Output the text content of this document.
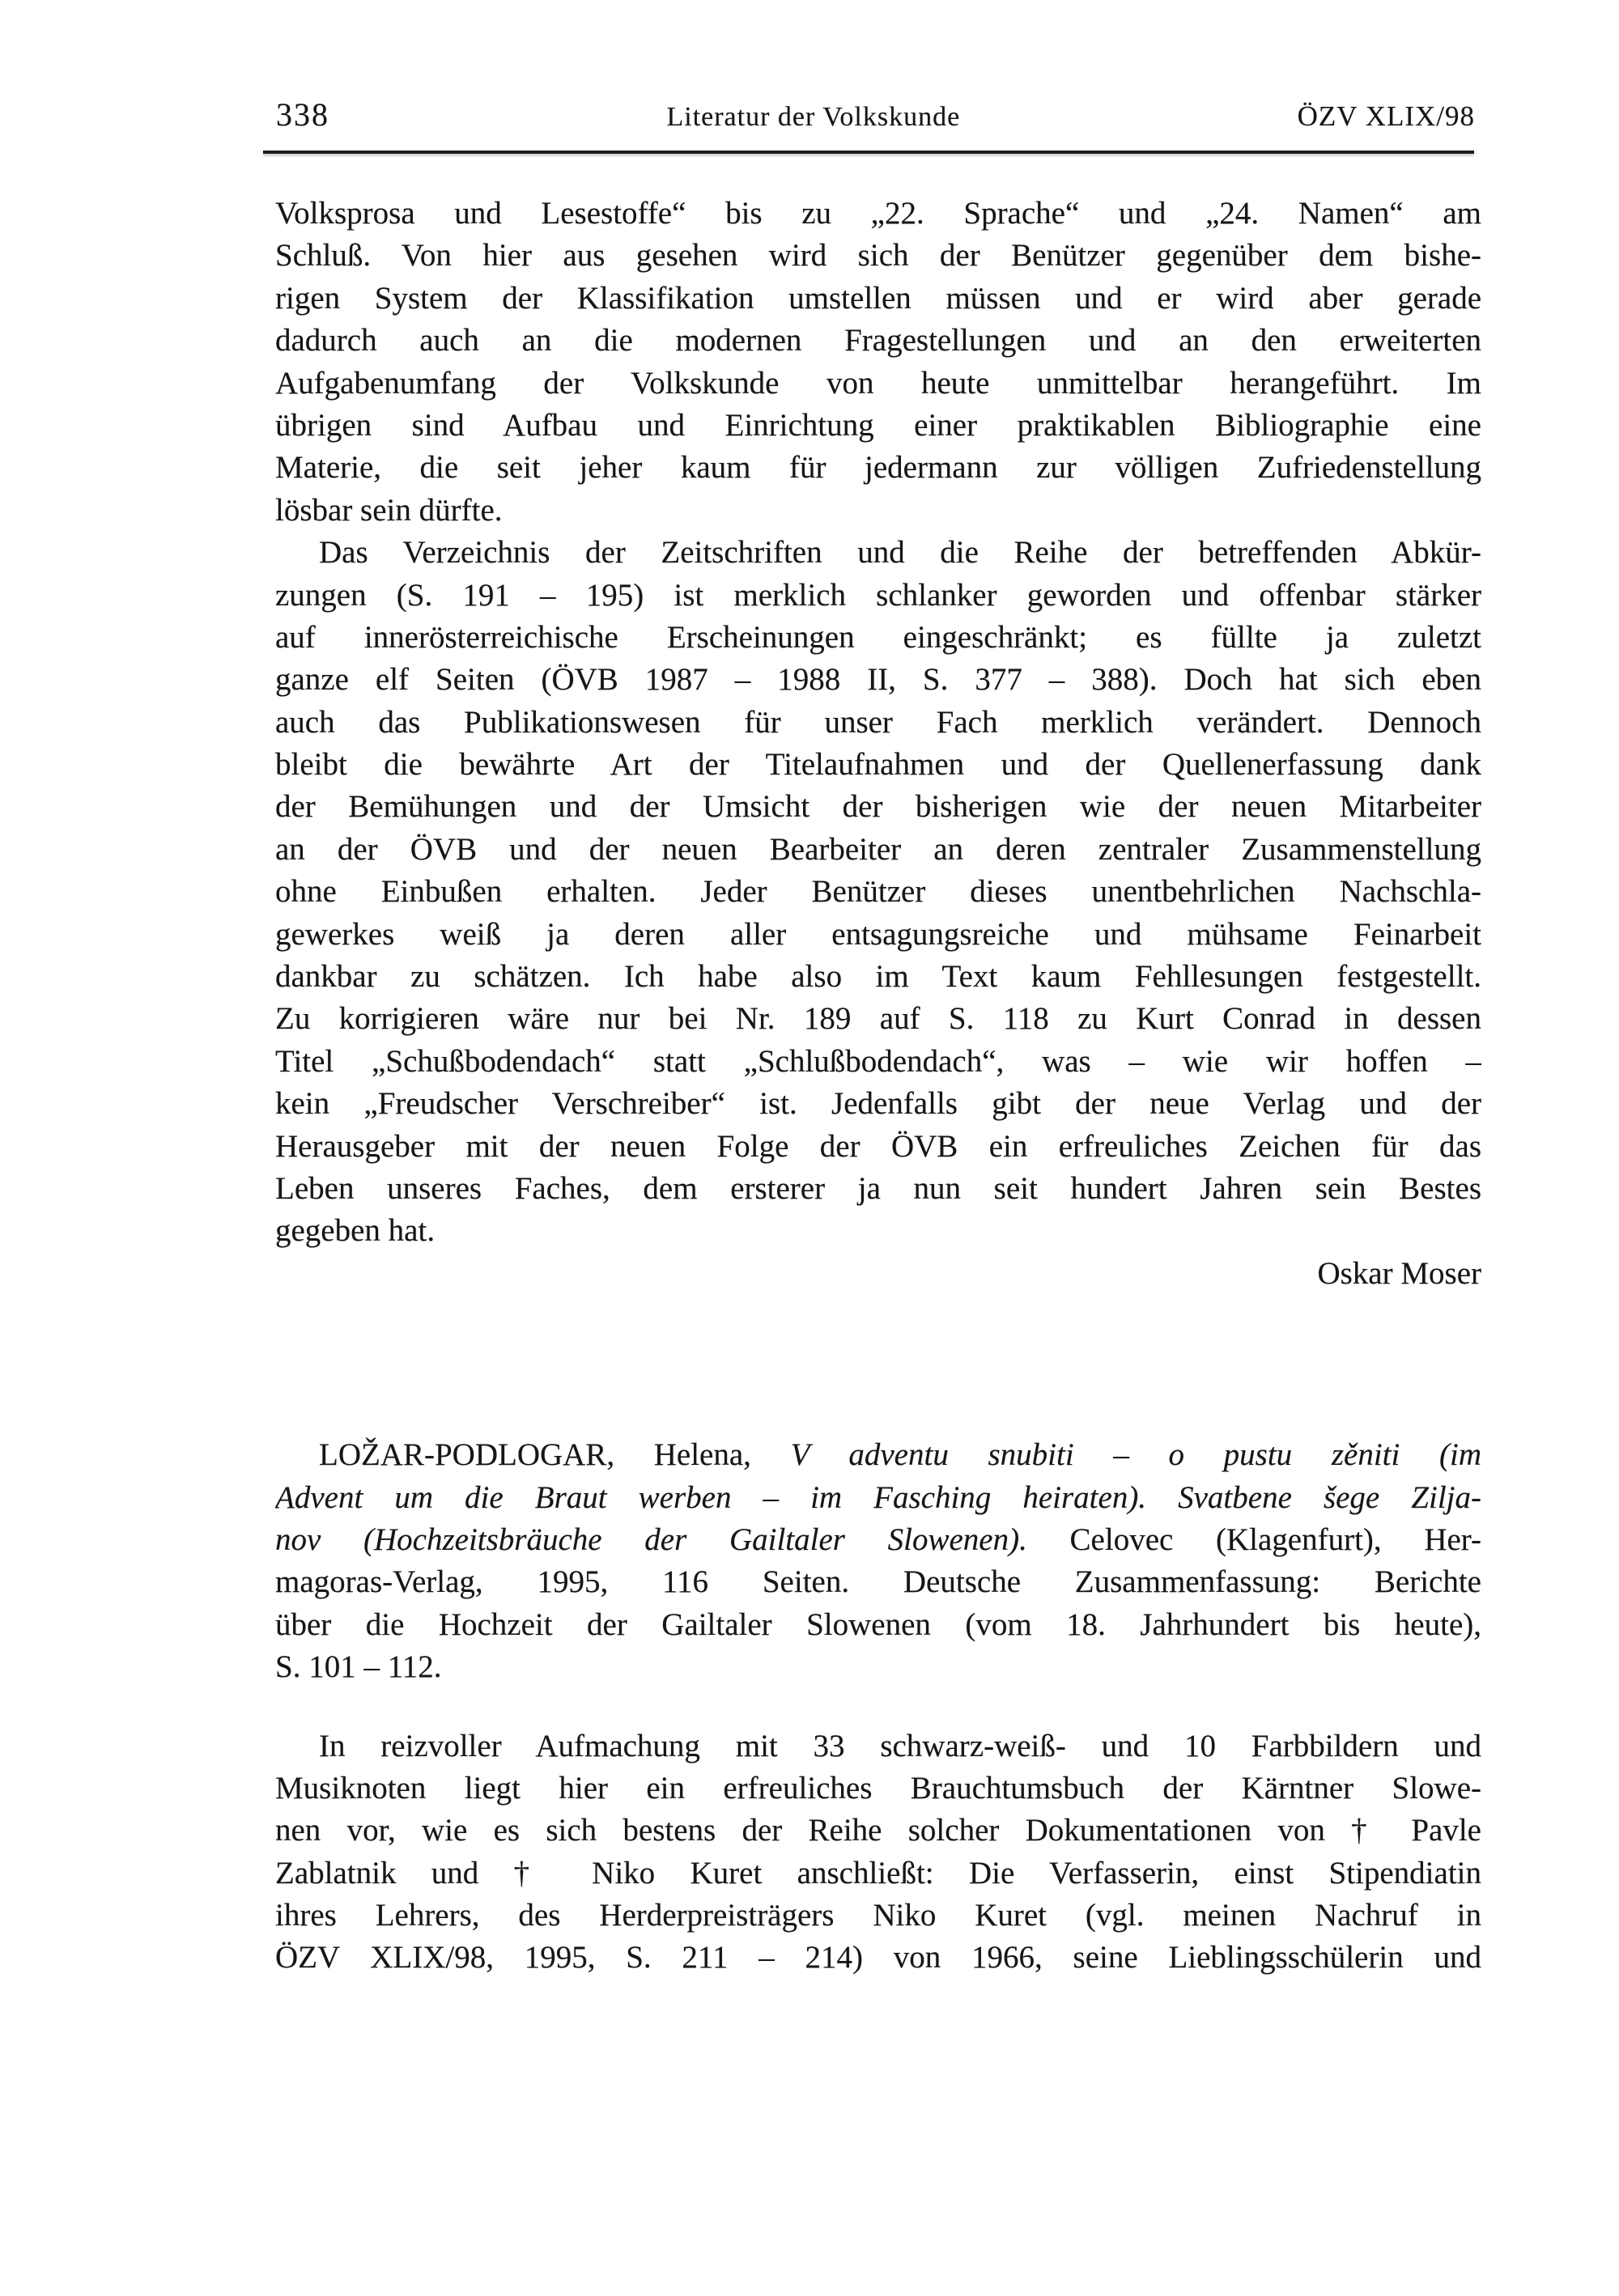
338	Literatur der Volkskunde	ÖZV XLIX/98
Volksprosa und Lesestoffe“ bis zu „22. Sprache“ und „24. Namen“ am
Schluß. Von hier aus gesehen wird sich der Benützer gegenüber dem bishe-
rigen System der Klassifikation umstellen müssen und er wird aber gerade
dadurch auch an die modernen Fragestellungen und an den erweiterten
Aufgabenumfang der Volkskunde von heute unmittelbar herangeführt. Im
übrigen sind Aufbau und Einrichtung einer praktikablen Bibliographie eine
Materie, die seit jeher kaum für jedermann zur völligen Zufriedenstellung
lösbar sein dürfte.
Das Verzeichnis der Zeitschriften und die Reihe der betreffenden Abkür-
zungen (S. 191 – 195) ist merklich schlanker geworden und offenbar stärker
auf innerösterreichische Erscheinungen eingeschränkt; es füllte ja zuletzt
ganze elf Seiten (ÖVB 1987 – 1988 II, S. 377 – 388). Doch hat sich eben
auch das Publikationswesen für unser Fach merklich verändert. Dennoch
bleibt die bewährte Art der Titelaufnahmen und der Quellenerfassung dank
der Bemühungen und der Umsicht der bisherigen wie der neuen Mitarbeiter
an der ÖVB und der neuen Bearbeiter an deren zentraler Zusammenstellung
ohne Einbußen erhalten. Jeder Benützer dieses unentbehrlichen Nachschla-
gewerkes weiß ja deren aller entsagungsreiche und mühsame Feinarbeit
dankbar zu schätzen. Ich habe also im Text kaum Fehllesungen festgestellt.
Zu korrigieren wäre nur bei Nr. 189 auf S. 118 zu Kurt Conrad in dessen
Titel „Schußbodendach“ statt „Schlußbodendach“, was – wie wir hoffen –
kein „Freudscher Verschreiber“ ist. Jedenfalls gibt der neue Verlag und der
Herausgeber mit der neuen Folge der ÖVB ein erfreuliches Zeichen für das
Leben unseres Faches, dem ersterer ja nun seit hundert Jahren sein Bestes
gegeben hat.
Oskar Moser
LOŽAR-PODLOGAR, Helena, V adventu snubiti – o pustu zěniti (im
Advent um die Braut werben – im Fasching heiraten). Svatbene šege Zilja-
nov (Hochzeitsbräuche der Gailtaler Slowenen). Celovec (Klagenfurt), Her-
magoras-Verlag, 1995, 116 Seiten. Deutsche Zusammenfassung: Berichte
über die Hochzeit der Gailtaler Slowenen (vom 18. Jahrhundert bis heute),
S. 101 – 112.
In reizvoller Aufmachung mit 33 schwarz-weiß- und 10 Farbbildern und
Musiknoten liegt hier ein erfreuliches Brauchtumsbuch der Kärntner Slowe-
nen vor, wie es sich bestens der Reihe solcher Dokumentationen von † Pavle
Zablatnik und † Niko Kuret anschließt: Die Verfasserin, einst Stipendiatin
ihres Lehrers, des Herderpreisträgers Niko Kuret (vgl. meinen Nachruf in
ÖZV XLIX/98, 1995, S. 211 – 214) von 1966, seine Lieblingsschülerin und
